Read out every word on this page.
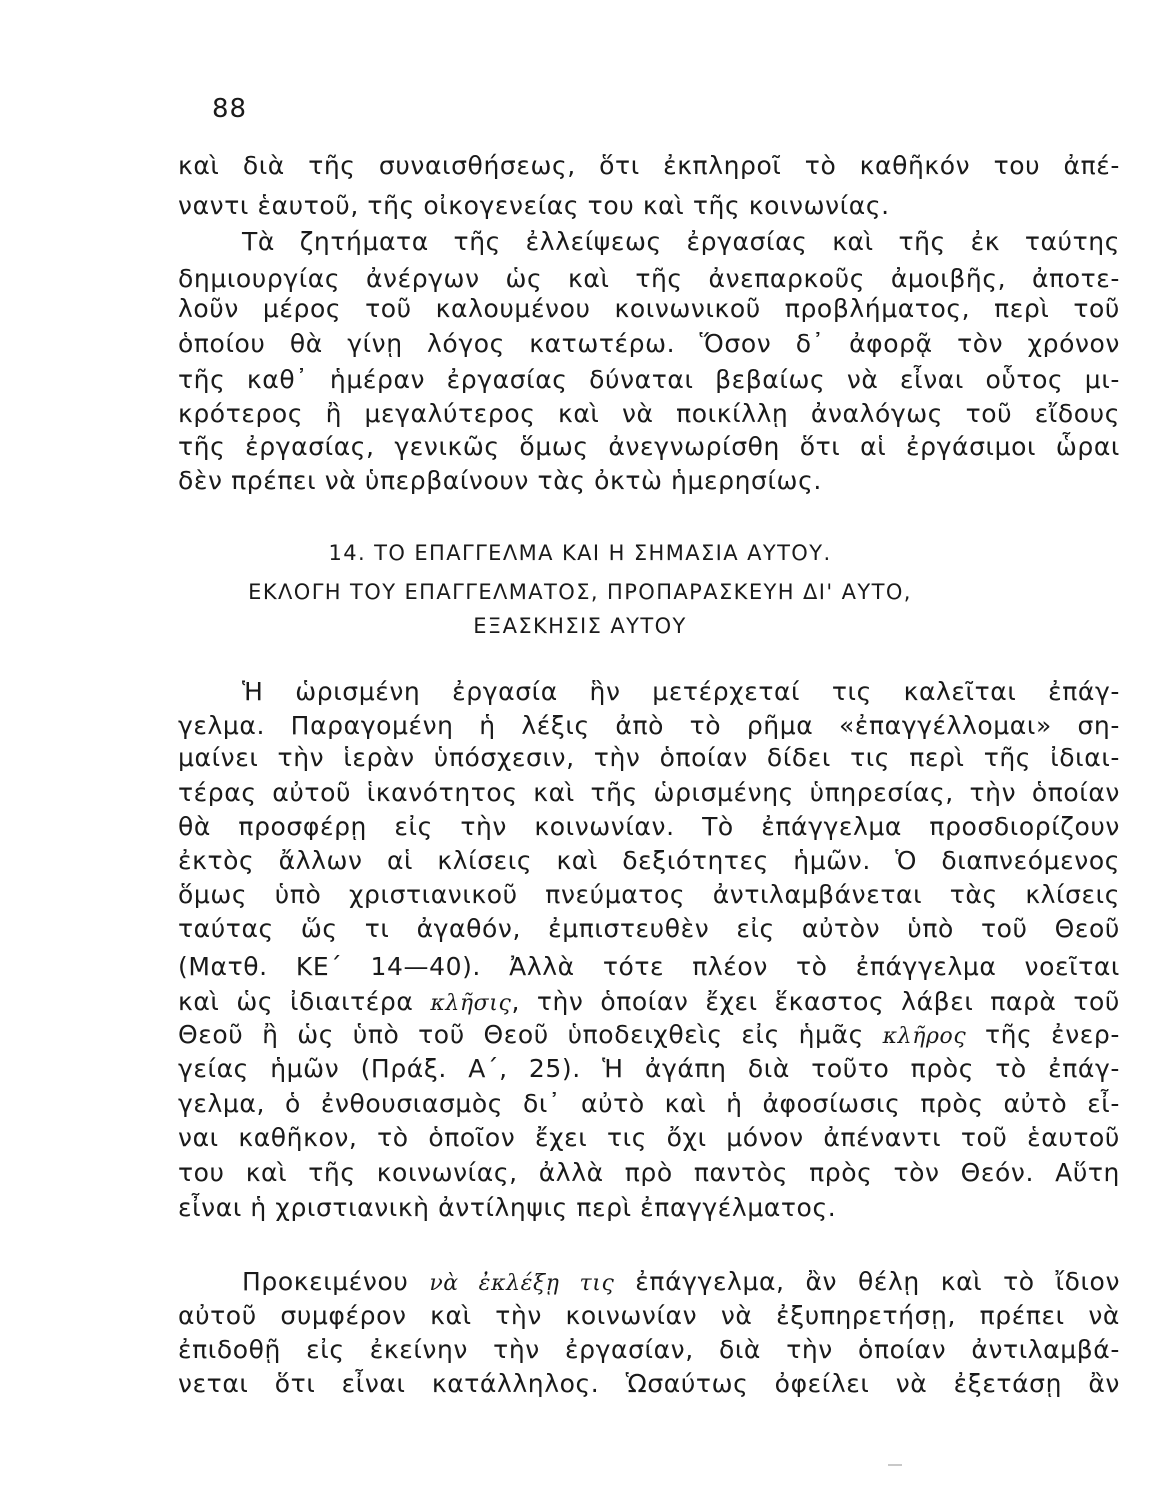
88
καὶ διὰ τῆς συναισθήσεως, ὅτι ἐκπληροῖ τὸ καθῆκόν του ἀπέ-
ναντι ἑαυτοῦ, τῆς οἰκογενείας του καὶ τῆς κοινωνίας.
Τὰ ζητήματα τῆς ἐλλείψεως ἐργασίας καὶ τῆς ἐκ ταύτης
δημιουργίας ἀνέργων ὡς καὶ τῆς ἀνεπαρκοῦς ἀμοιβῆς, ἀποτε-
λοῦν μέρος τοῦ καλουμένου κοινωνικοῦ προβλήματος, περὶ τοῦ
ὁποίου θὰ γίνῃ λόγος κατωτέρω. Ὅσον δ᾽ ἀφορᾷ τὸν χρόνον
τῆς καθ᾽ ἡμέραν ἐργασίας δύναται βεβαίως νὰ εἶναι οὗτος μι-
κρότερος ἢ μεγαλύτερος καὶ νὰ ποικίλλῃ ἀναλόγως τοῦ εἴδους
τῆς ἐργασίας, γενικῶς ὅμως ἀνεγνωρίσθη ὅτι αἱ ἐργάσιμοι ὧραι
δὲν πρέπει νὰ ὑπερβαίνουν τὰς ὀκτὼ ἡμερησίως.
14. ΤΟ ΕΠΑΓΓΕΛΜΑ ΚΑΙ Η ΣΗΜΑΣΙΑ ΑΥΤΟΥ.
ΕΚΛΟΓΗ ΤΟΥ ΕΠΑΓΓΕΛΜΑΤΟΣ, ΠΡΟΠΑΡΑΣΚΕΥΗ ΔΙ' ΑΥΤΟ,
ΕΞΑΣΚΗΣΙΣ ΑΥΤΟΥ
Ἡ ὡρισμένη ἐργασία ἣν μετέρχεταί τις καλεῖται ἐπάγ-
γελμα. Παραγομένη ἡ λέξις ἀπὸ τὸ ρῆμα «ἐπαγγέλλομαι» ση-
μαίνει τὴν ἱερὰν ὑπόσχεσιν, τὴν ὁποίαν δίδει τις περὶ τῆς ἰδιαι-
τέρας αὐτοῦ ἱκανότητος καὶ τῆς ὡρισμένης ὑπηρεσίας, τὴν ὁποίαν
θὰ προσφέρῃ εἰς τὴν κοινωνίαν. Τὸ ἐπάγγελμα προσδιορίζουν
ἐκτὸς ἄλλων αἱ κλίσεις καὶ δεξιότητες ἡμῶν. Ὁ διαπνεόμενος
ὅμως ὑπὸ χριστιανικοῦ πνεύματος ἀντιλαμβάνεται τὰς κλίσεις
ταύτας ὥς τι ἀγαθόν, ἐμπιστευθὲν εἰς αὐτὸν ὑπὸ τοῦ Θεοῦ
(Ματθ. ΚΕ΄ 14—40). Ἀλλὰ τότε πλέον τὸ ἐπάγγελμα νοεῖται
καὶ ὡς ἰδιαιτέρα κλῆσις, τὴν ὁποίαν ἔχει ἕκαστος λάβει παρὰ τοῦ
Θεοῦ ἢ ὡς ὑπὸ τοῦ Θεοῦ ὑποδειχθεὶς εἰς ἡμᾶς κλῆρος τῆς ἐνερ-
γείας ἡμῶν (Πράξ. Α΄, 25). Ἡ ἀγάπη διὰ τοῦτο πρὸς τὸ ἐπάγ-
γελμα, ὁ ἐνθουσιασμὸς δι᾽ αὐτὸ καὶ ἡ ἀφοσίωσις πρὸς αὐτὸ εἶ-
ναι καθῆκον, τὸ ὁποῖον ἔχει τις ὄχι μόνον ἀπέναντι τοῦ ἑαυτοῦ
του καὶ τῆς κοινωνίας, ἀλλὰ πρὸ παντὸς πρὸς τὸν Θεόν. Αὕτη
εἶναι ἡ χριστιανικὴ ἀντίληψις περὶ ἐπαγγέλματος.
Προκειμένου νὰ ἐκλέξῃ τις ἐπάγγελμα, ἂν θέλῃ καὶ τὸ ἴδιον
αὐτοῦ συμφέρον καὶ τὴν κοινωνίαν νὰ ἐξυπηρετήσῃ, πρέπει νὰ
ἐπιδοθῇ εἰς ἐκείνην τὴν ἐργασίαν, διὰ τὴν ὁποίαν ἀντιλαμβά-
νεται ὅτι εἶναι κατάλληλος. Ὡσαύτως ὀφείλει νὰ ἐξετάσῃ ἂν
